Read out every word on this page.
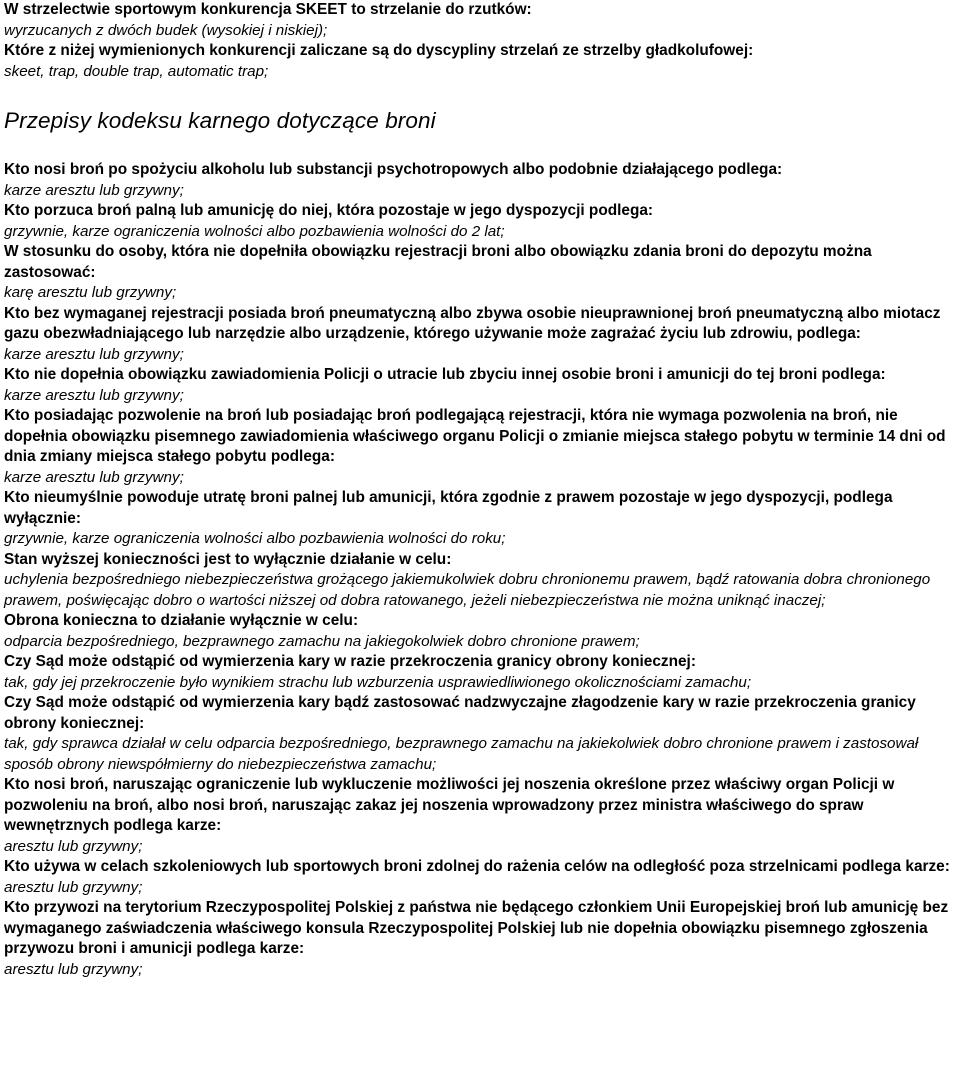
W strzelectwie sportowym konkurencja SKEET to strzelanie do rzutków:
wyrzucanych z dwóch budek (wysokiej i niskiej);
Które z niżej wymienionych konkurencji zaliczane są do dyscypliny strzelań ze strzelby gładkolufowej:
skeet, trap, double trap, automatic trap;
Przepisy kodeksu karnego dotyczące broni
Kto nosi broń po spożyciu alkoholu lub substancji psychotropowych albo podobnie działającego podlega:
karze aresztu lub grzywny;
Kto porzuca broń palną lub amunicję do niej, która pozostaje w jego dyspozycji podlega:
grzywnie, karze ograniczenia wolności albo pozbawienia wolności do 2 lat;
W stosunku do osoby, która nie dopełniła obowiązku rejestracji broni albo obowiązku zdania broni do depozytu można zastosować:
karę aresztu lub grzywny;
Kto bez wymaganej rejestracji posiada broń pneumatyczną albo zbywa osobie nieuprawnionej broń pneumatyczną albo miotacz gazu obezwładniającego lub narzędzie albo urządzenie, którego używanie może zagrażać życiu lub zdrowiu, podlega:
karze aresztu lub grzywny;
Kto nie dopełnia obowiązku zawiadomienia Policji o utracie lub zbyciu innej osobie broni i amunicji do tej broni podlega:
karze aresztu lub grzywny;
Kto posiadając pozwolenie na broń lub posiadając broń podlegającą rejestracji, która nie wymaga pozwolenia na broń, nie dopełnia obowiązku pisemnego zawiadomienia właściwego organu Policji o zmianie miejsca stałego pobytu w terminie 14 dni od dnia zmiany miejsca stałego pobytu podlega:
karze aresztu lub grzywny;
Kto nieumyślnie powoduje utratę broni palnej lub amunicji, która zgodnie z prawem pozostaje w jego dyspozycji, podlega wyłącznie:
grzywnie, karze ograniczenia wolności albo pozbawienia wolności do roku;
Stan wyższej konieczności jest to wyłącznie działanie w celu:
uchylenia bezpośredniego niebezpieczeństwa grożącego jakiemukolwiek dobru chronionemu prawem, bądź ratowania dobra chronionego prawem, poświęcając dobro o wartości niższej od dobra ratowanego, jeżeli niebezpieczeństwa nie można uniknąć inaczej;
Obrona konieczna to działanie wyłącznie w celu:
odparcia bezpośredniego, bezprawnego zamachu na jakiegokolwiek dobro chronione prawem;
Czy Sąd może odstąpić od wymierzenia kary w razie przekroczenia granicy obrony koniecznej:
tak, gdy jej przekroczenie było wynikiem strachu lub wzburzenia usprawiedliwionego okolicznościami zamachu;
Czy Sąd może odstąpić od wymierzenia kary bądź zastosować nadzwyczajne złagodzenie kary w razie przekroczenia granicy obrony koniecznej:
tak, gdy sprawca działał w celu odparcia bezpośredniego, bezprawnego zamachu na jakiekolwiek dobro chronione prawem i zastosował sposób obrony niewspółmierny do niebezpieczeństwa zamachu;
Kto nosi broń, naruszając ograniczenie lub wykluczenie możliwości jej noszenia określone przez właściwy organ Policji w pozwoleniu na broń, albo nosi broń, naruszając zakaz jej noszenia wprowadzony przez ministra właściwego do spraw wewnętrznych podlega karze:
aresztu lub grzywny;
Kto używa w celach szkoleniowych lub sportowych broni zdolnej do rażenia celów na odległość poza strzelnicami podlega karze:
aresztu lub grzywny;
Kto przywozi na terytorium Rzeczypospolitej Polskiej z państwa nie będącego członkiem Unii Europejskiej broń lub amunicję bez wymaganego zaświadczenia właściwego konsula Rzeczypospolitej Polskiej lub nie dopełnia obowiązku pisemnego zgłoszenia przywozu broni i amunicji podlega karze:
aresztu lub grzywny;
